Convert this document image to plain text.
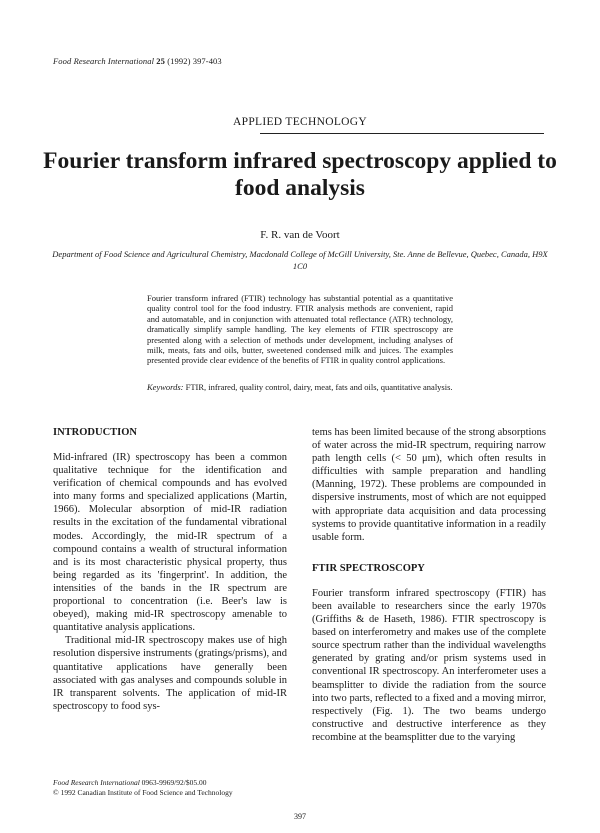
Food Research International 25 (1992) 397-403
APPLIED TECHNOLOGY
Fourier transform infrared spectroscopy applied to food analysis
F. R. van de Voort
Department of Food Science and Agricultural Chemistry, Macdonald College of McGill University, Ste. Anne de Bellevue, Quebec, Canada, H9X 1C0

Fourier transform infrared (FTIR) technology has substantial potential as a quantitative quality control tool for the food industry. FTIR analysis methods are convenient, rapid and automatable, and in conjunction with attenuated total reflectance (ATR) technology, dramatically simplify sample handling. The key elements of FTIR spectroscopy are presented along with a selection of methods under development, including analyses of milk, meats, fats and oils, butter, sweetened condensed milk and juices. The examples presented provide clear evidence of the benefits of FTIR in quality control applications.

Keywords: FTIR, infrared, quality control, dairy, meat, fats and oils, quantitative analysis.

INTRODUCTION

Mid-infrared (IR) spectroscopy has been a common qualitative technique for the identification and verification of chemical compounds and has evolved into many forms and specialized applications (Martin, 1966). Molecular absorption of mid-IR radiation results in the excitation of the fundamental vibrational modes. Accordingly, the mid-IR spectrum of a compound contains a wealth of structural information and is its most characteristic physical property, thus being regarded as its 'fingerprint'. In addition, the intensities of the bands in the IR spectrum are proportional to concentration (i.e. Beer's law is obeyed), making mid-IR spectroscopy amenable to quantitative analysis applications.

Traditional mid-IR spectroscopy makes use of high resolution dispersive instruments (gratings/prisms), and quantitative applications have generally been associated with gas analyses and compounds soluble in IR transparent solvents. The application of mid-IR spectroscopy to food sys-

tems has been limited because of the strong absorptions of water across the mid-IR spectrum, requiring narrow path length cells (< 50 μm), which often results in difficulties with sample preparation and handling (Manning, 1972). These problems are compounded in dispersive instruments, most of which are not equipped with appropriate data acquisition and data processing systems to provide quantitative information in a readily usable form.

FTIR SPECTROSCOPY

Fourier transform infrared spectroscopy (FTIR) has been available to researchers since the early 1970s (Griffiths & de Haseth, 1986). FTIR spectroscopy is based on interferometry and makes use of the complete source spectrum rather than the individual wavelengths generated by grating and/or prism systems used in conventional IR spectroscopy. An interferometer uses a beamsplitter to divide the radiation from the source into two parts, reflected to a fixed and a moving mirror, respectively (Fig. 1). The two beams undergo constructive and destructive interference as they recombine at the beamsplitter due to the varying

Food Research International 0963-9969/92/$05.00
© 1992 Canadian Institute of Food Science and Technology
397
